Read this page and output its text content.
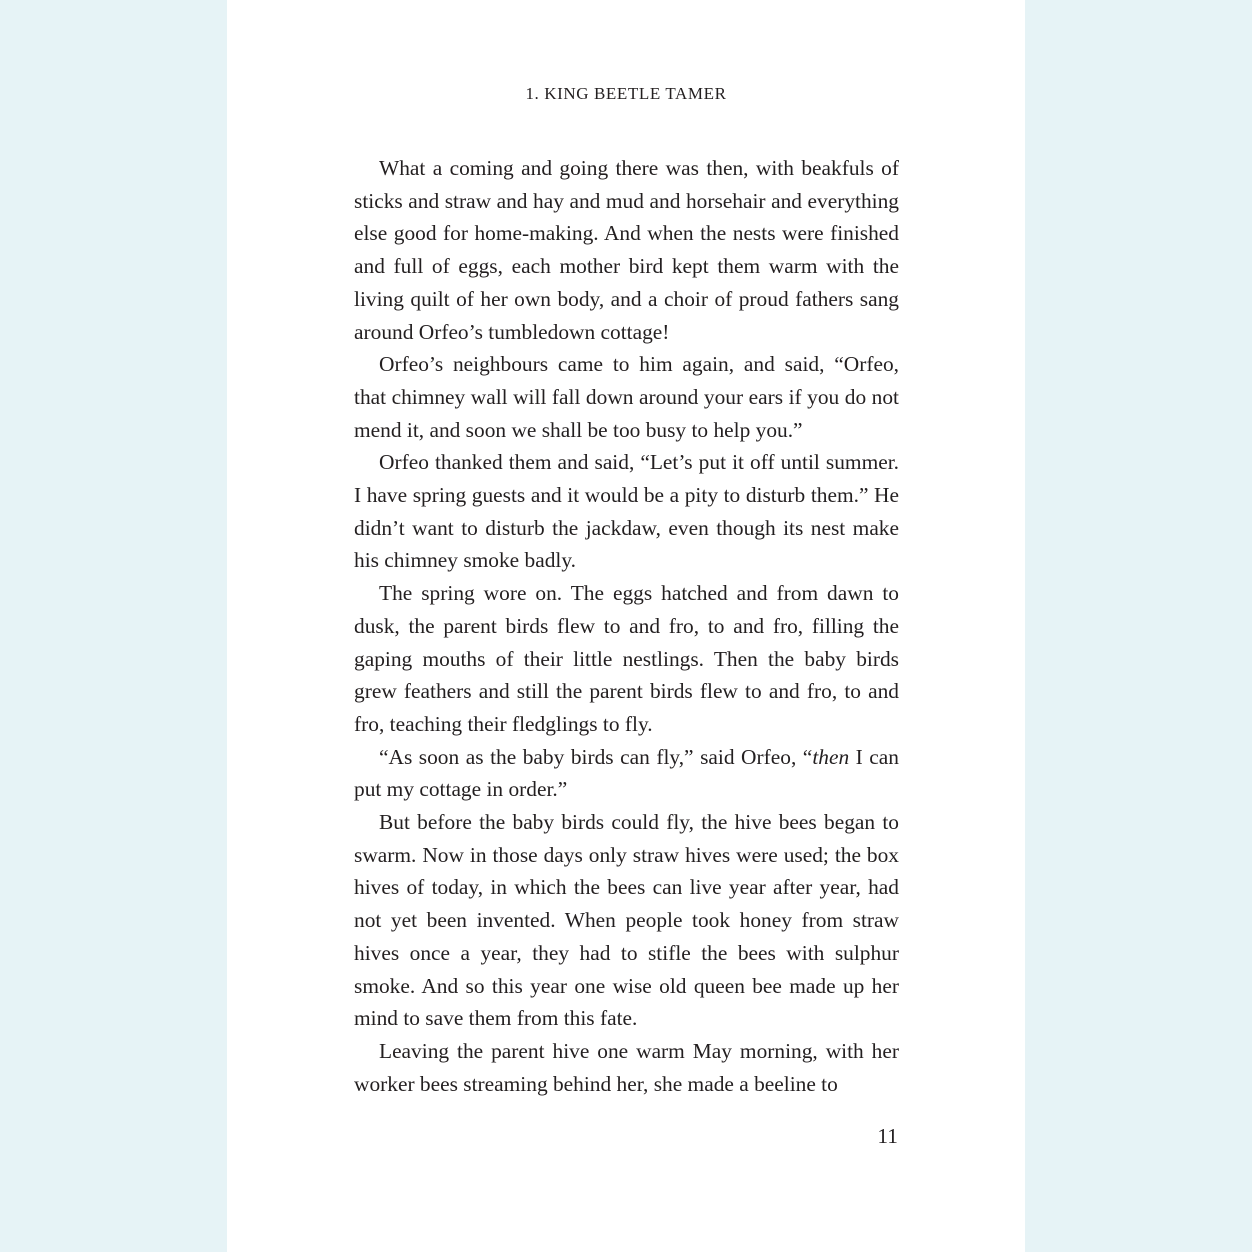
1. KING BEETLE TAMER

What a coming and going there was then, with beakfuls of sticks and straw and hay and mud and horsehair and everything else good for home-making. And when the nests were finished and full of eggs, each mother bird kept them warm with the living quilt of her own body, and a choir of proud fathers sang around Orfeo’s tumbledown cottage!

Orfeo’s neighbours came to him again, and said, “Orfeo, that chimney wall will fall down around your ears if you do not mend it, and soon we shall be too busy to help you.”

Orfeo thanked them and said, “Let’s put it off until summer. I have spring guests and it would be a pity to disturb them.” He didn’t want to disturb the jackdaw, even though its nest make his chimney smoke badly.

The spring wore on. The eggs hatched and from dawn to dusk, the parent birds flew to and fro, to and fro, filling the gaping mouths of their little nestlings. Then the baby birds grew feathers and still the parent birds flew to and fro, to and fro, teaching their fledglings to fly.

“As soon as the baby birds can fly,” said Orfeo, “then I can put my cottage in order.”

But before the baby birds could fly, the hive bees began to swarm. Now in those days only straw hives were used; the box hives of today, in which the bees can live year after year, had not yet been invented. When people took honey from straw hives once a year, they had to stifle the bees with sulphur smoke. And so this year one wise old queen bee made up her mind to save them from this fate.

Leaving the parent hive one warm May morning, with her worker bees streaming behind her, she made a beeline to

11
